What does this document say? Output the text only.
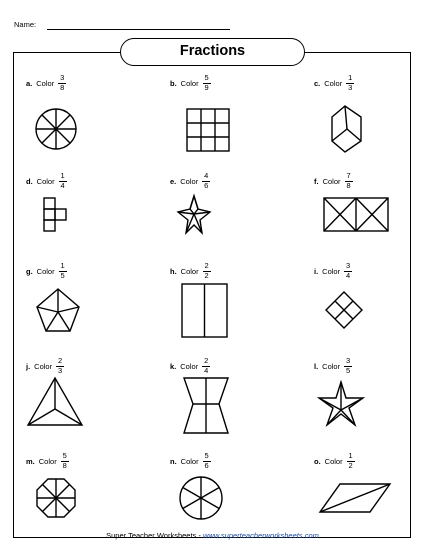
Name:
Fractions
a. Color $\frac{3}{8}$	b. Color $\frac{5}{9}$	c. Color $\frac{1}{3}$
d. Color $\frac{1}{4}$	e. Color $\frac{4}{6}$	f. Color $\frac{7}{8}$
g. Color $\frac{1}{5}$	h. Color $\frac{2}{2}$	i. Color $\frac{3}{4}$
j. Color $\frac{2}{3}$	k. Color $\frac{2}{4}$	l. Color $\frac{3}{5}$
m. Color $\frac{5}{8}$	n. Color $\frac{5}{6}$	o. Color $\frac{1}{2}$
Super Teacher Worksheets - www.superteacherworksheets.com
